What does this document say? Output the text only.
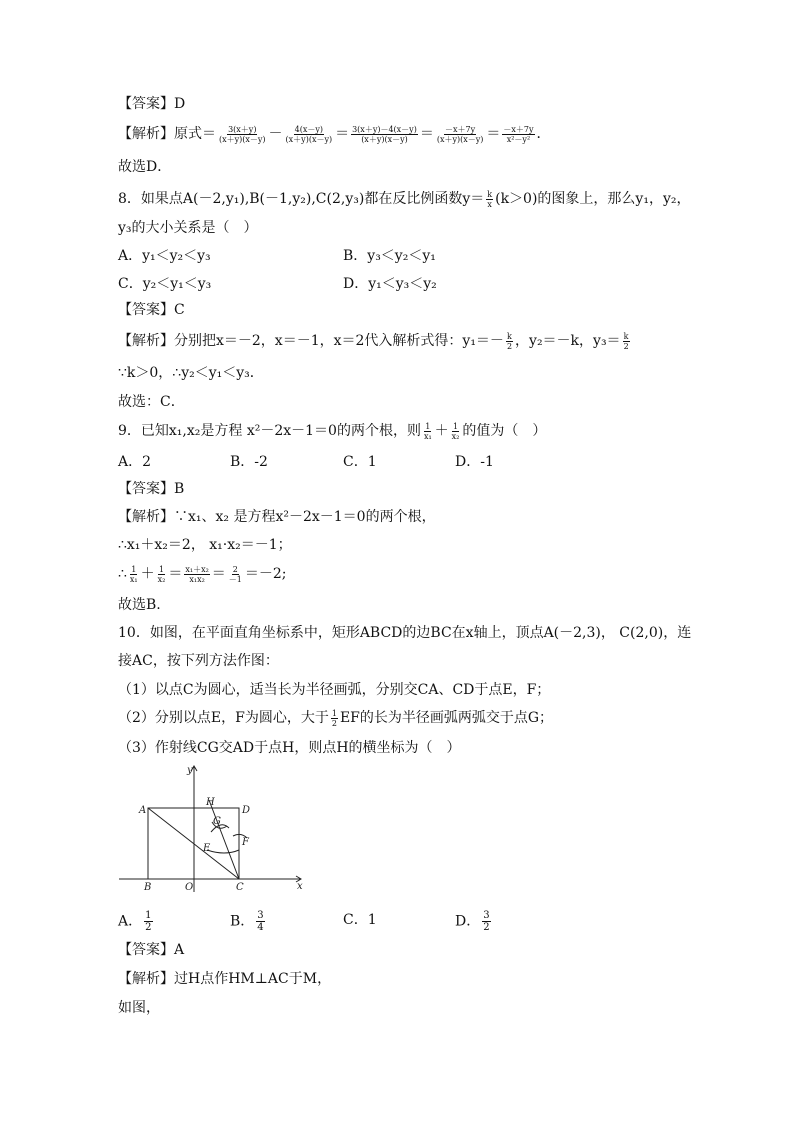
【答案】D
【解析】原式＝ $\frac{3(x+y)}{(x+y)(x-y)} - \frac{4(x-y)}{(x+y)(x-y)} = \frac{3(x+y)-4(x-y)}{(x+y)(x-y)} = \frac{-x+7y}{(x+y)(x-y)} = \frac{-x+7y}{\text{x²－y²}}$ ．
故选D．
8．如果点A(－2,y₁),B(－1,y₂),C(2,y₃)都在反比例函数$y= \frac{k}{x} (k>0)$的图象上，那么y₁，y₂，
y₃的大小关系是（　）
A．y₁＜y₂＜y₃	B．y₃＜y₂＜y₁
C．y₂＜y₁＜y₃	D．y₁＜y₃＜y₂
【答案】C
【解析】分别把x＝－2，x＝－1，x＝2代入解析式得：$y_1=- \frac{k}{2}$ ，y₂＝－k，$y_3= \frac{k}{2}$
∵k＞0，∴y₂＜y₁＜y₃．
故选：C．
9．已知x₁,x₂是方程 x²－2x－1＝0的两个根，则 $\frac{1}{\text{x₁}} + \frac{1}{\text{x₂}}$ 的值为（　）
A．2	B．-2	C．1	D．-1
【答案】B
【解析】∵x₁、x₂ 是方程x²－2x－1＝0的两个根，
∴x₁＋x₂＝2， x₁·x₂＝－1；
∴ $\frac{1}{\text{x₁}} + \frac{1}{\text{x₂}} = \frac{\text{x₁＋x₂}}{\text{x₁x₂}} = \frac{2}{-1} =-2$;
故选B.
10．如图，在平面直角坐标系中，矩形ABCD的边BC在x轴上，顶点A(－2,3)， C(2,0)，连
接AC，按下列方法作图：
（1）以点C为圆心，适当长为半径画弧，分别交CA、CD于点E，F；
（2）分别以点E，F为圆心，大于 $\frac{1}{2}$ EF的长为半径画弧两弧交于点G；
（3）作射线CG交AD于点H，则点H的横坐标为（　）
y
x
A
B	O	C
D
H
G
E
F
A． $\frac{1}{2}$	B． $\frac{3}{4}$	C．1	D． $\frac{3}{2}$
【答案】A
【解析】过H点作HM⊥AC于M，
如图，
